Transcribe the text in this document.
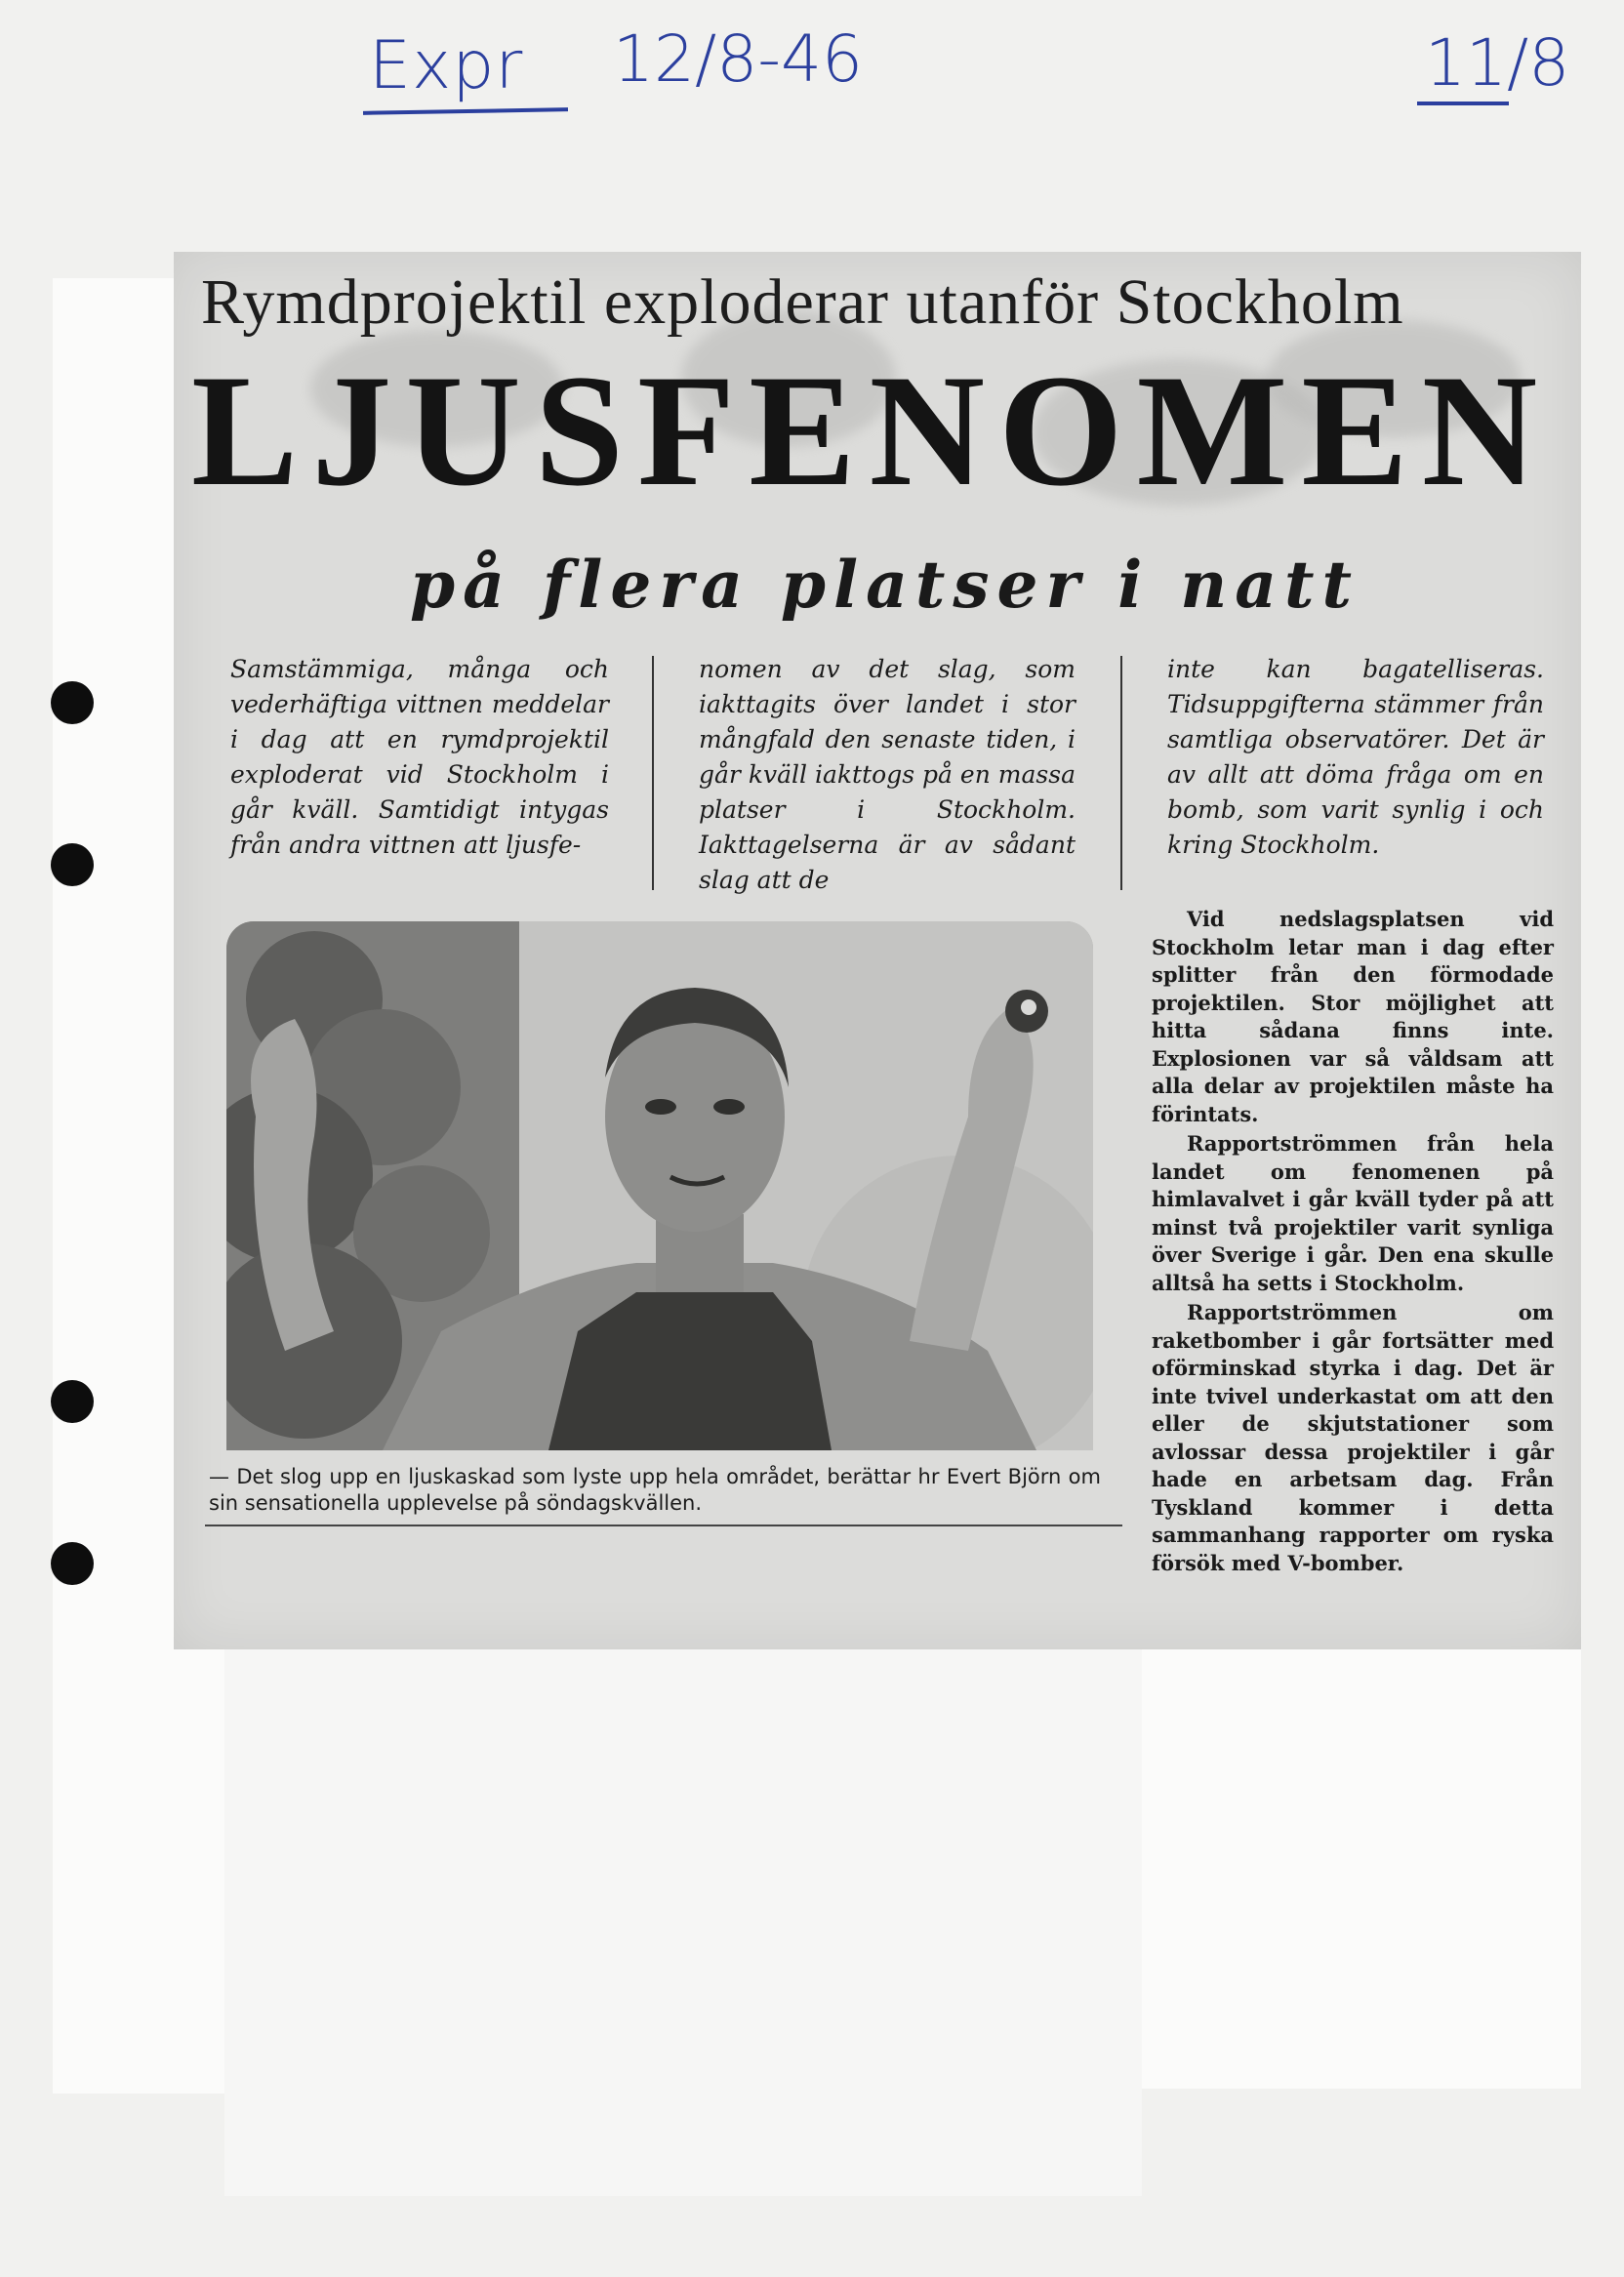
Expr 12/8-46	11/8
Rymdprojektil exploderar utanför Stockholm
LJUSFENOMEN
på flera platser i natt

Samstämmiga, många och vederhäftiga vittnen meddelar i dag att en rymdprojektil exploderat vid Stockholm i går kväll. Samtidigt intygas från andra vittnen att ljusfe-

nomen av det slag, som iakttagits över landet i stor mångfald den senaste tiden, i går kväll iakttogs på en massa platser i Stockholm. Iakttagelserna är av sådant slag att de

inte kan bagatelliseras. Tidsuppgifterna stämmer från samtliga observatörer. Det är av allt att döma fråga om en bomb, som varit synlig i och kring Stockholm.

Vid nedslagsplatsen vid Stockholm letar man i dag efter splitter från den förmodade projektilen. Stor möjlighet att hitta sådana finns inte. Explosionen var så våldsam att alla delar av projektilen måste ha förintats.

Rapportströmmen från hela landet om fenomenen på himlavalvet i går kväll tyder på att minst två projektiler varit synliga över Sverige i går. Den ena skulle alltså ha setts i Stockholm.

Rapportströmmen om raketbomber i går fortsätter med oförminskad styrka i dag. Det är inte tvivel underkastat om att den eller de skjutstationer som avlossar dessa projektiler i går hade en arbetsam dag. Från Tyskland kommer i detta sammanhang rapporter om ryska försök med V-bomber.

— Det slog upp en ljuskaskad som lyste upp hela området, berättar hr Evert Björn om sin sensationella upplevelse på söndagskvällen.
